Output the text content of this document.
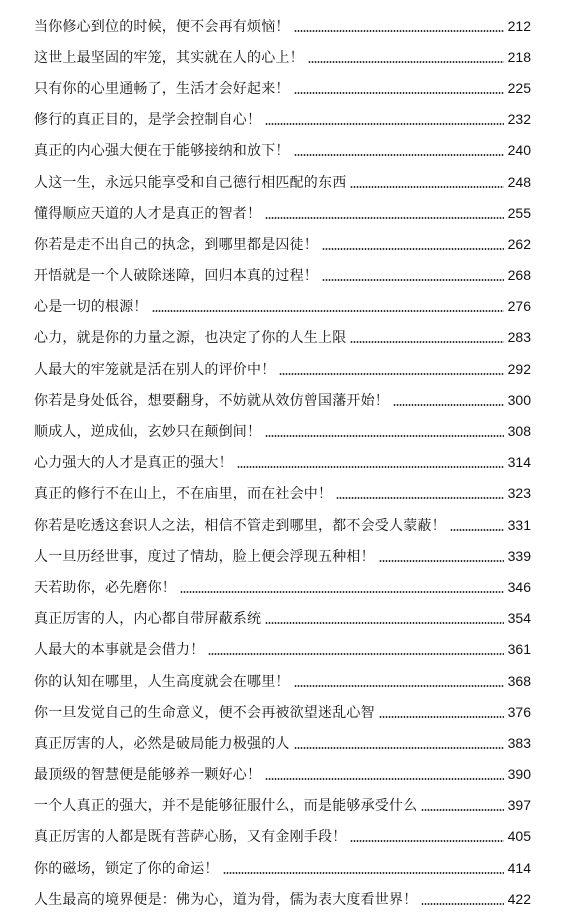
当你修心到位的时候，便不会再有烦恼！	212
这世上最坚固的牢笼，其实就在人的心上！	218
只有你的心里通畅了，生活才会好起来！	225
修行的真正目的，是学会控制自心！	232
真正的内心强大便在于能够接纳和放下！	240
人这一生，永远只能享受和自己德行相匹配的东西	248
懂得顺应天道的人才是真正的智者！	255
你若是走不出自己的执念，到哪里都是囚徒！	262
开悟就是一个人破除迷障，回归本真的过程！	268
心是一切的根源！	276
心力，就是你的力量之源，也决定了你的人生上限	283
人最大的牢笼就是活在别人的评价中！	292
你若是身处低谷，想要翻身，不妨就从效仿曾国藩开始！	300
顺成人，逆成仙，玄妙只在颠倒间！	308
心力强大的人才是真正的强大！	314
真正的修行不在山上，不在庙里，而在社会中！	323
你若是吃透这套识人之法，相信不管走到哪里，都不会受人蒙蔽！	331
人一旦历经世事，度过了情劫，脸上便会浮现五种相！	339
天若助你，必先磨你！	346
真正厉害的人，内心都自带屏蔽系统	354
人最大的本事就是会借力！	361
你的认知在哪里，人生高度就会在哪里！	368
你一旦发觉自己的生命意义，便不会再被欲望迷乱心智	376
真正厉害的人，必然是破局能力极强的人	383
最顶级的智慧便是能够养一颗好心！	390
一个人真正的强大，并不是能够征服什么，而是能够承受什么	397
真正厉害的人都是既有菩萨心肠，又有金刚手段！	405
你的磁场，锁定了你的命运！	414
人生最高的境界便是：佛为心，道为骨，儒为表大度看世界！	422
